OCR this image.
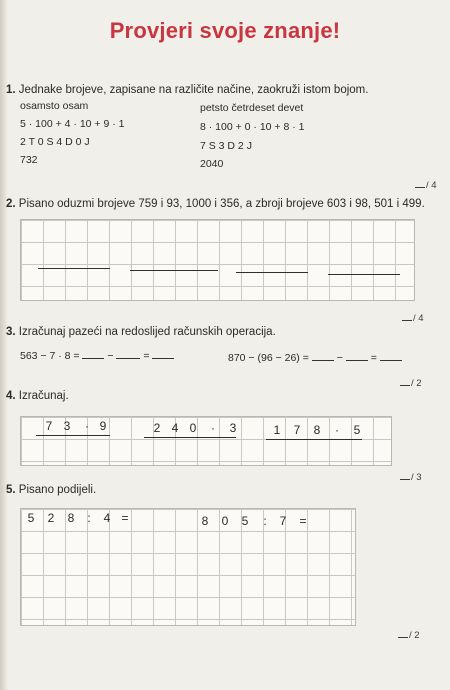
Provjeri svoje znanje!
1. Jednake brojeve, zapisane na različite načine, zaokruži istom bojom.
osamsto osam
5 · 100 + 4 · 10 + 9 · 1
2 T 0 S 4 D 0 J
732
petsto četrdeset devet
8 · 100 + 0 · 10 + 8 · 1
7 S 3 D 2 J
2040
/ 4
2. Pisano oduzmi brojeve 759 i 93, 1000 i 356, a zbroji brojeve 603 i 98, 501 i 499.
/ 4
3. Izračunaj pazeći na redoslijed računskih operacija.
563 − 7 · 8 =	−	=	870 − (96 − 26) =	−	=
/ 2
4. Izračunaj.
7 3	· 9	2 4 0	·	3	1	7	8	·	5
/ 3
5. Pisano podijeli.
5	2	8	:	4 =	8	0	5	:	7	=
/ 2
